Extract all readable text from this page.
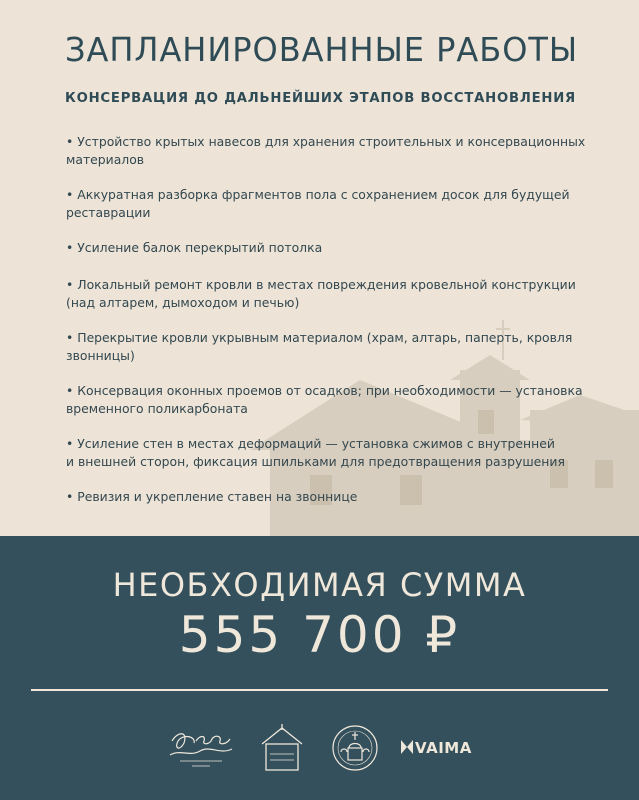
ЗАПЛАНИРОВАННЫЕ РАБОТЫ
КОНСЕРВАЦИЯ ДО ДАЛЬНЕЙШИХ ЭТАПОВ ВОССТАНОВЛЕНИЯ
• Устройство крытых навесов для хранения строительных и консервационных
материалов
• Аккуратная разборка фрагментов пола с сохранением досок для будущей
реставрации
• Усиление балок перекрытий потолка
• Локальный ремонт кровли в местах повреждения кровельной конструкции
(над алтарем, дымоходом и печью)
• Перекрытие кровли укрывным материалом (храм, алтарь, паперть, кровля
звонницы)
• Консервация оконных проемов от осадков; при необходимости — установка
временного поликарбоната
• Усиление стен в местах деформаций — установка сжимов с внутренней
и внешней сторон, фиксация шпильками для предотвращения разрушения
• Ревизия и укрепление ставен на звоннице
НЕОБХОДИМАЯ СУММА
555 700 ₽
VAIMA
